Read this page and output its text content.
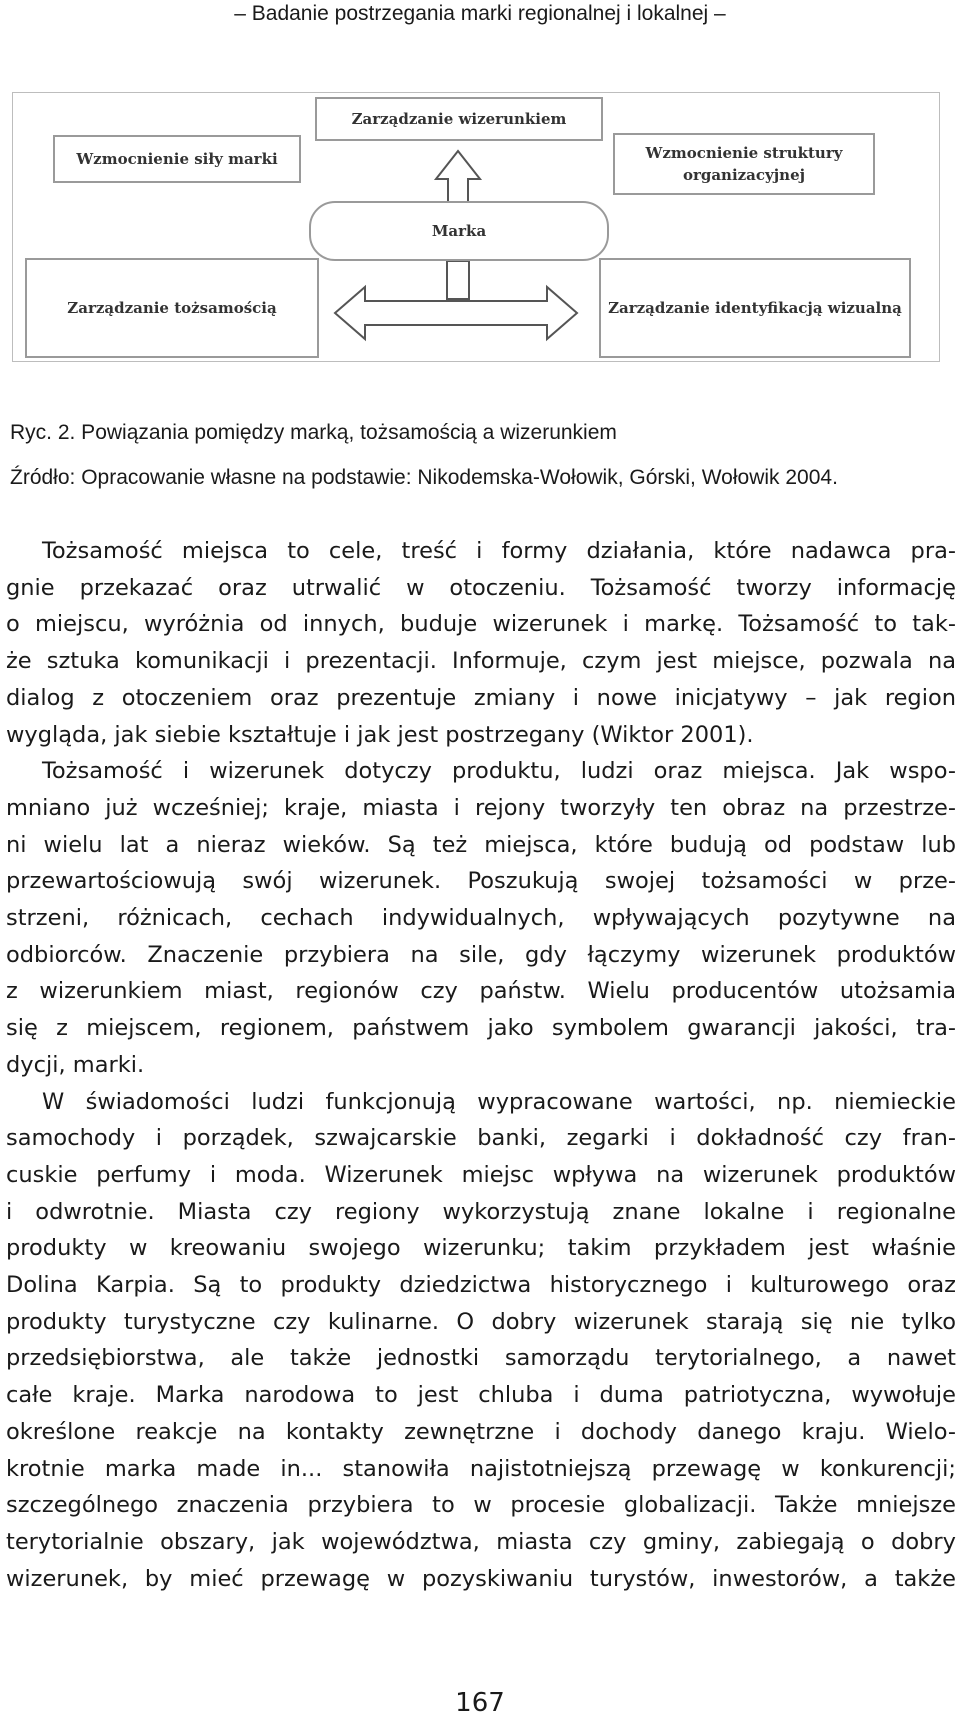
– Badanie postrzegania marki regionalnej i lokalnej –
Zarządzanie wizerunkiem
Wzmocnienie siły marki	Wzmocnienie struktury
organizacyjnej
Marka
Zarządzanie tożsamością	Zarządzanie identyfikacją wizualną
Ryc. 2. Powiązania pomiędzy marką, tożsamością a wizerunkiem
Źródło: Opracowanie własne na podstawie: Nikodemska-Wołowik, Górski, Wołowik 2004.

Tożsamość miejsca to cele, treść i formy działania, które nadawca pra-
gnie przekazać oraz utrwalić w otoczeniu. Tożsamość tworzy informację
o miejscu, wyróżnia od innych, buduje wizerunek i markę. Tożsamość to tak-
że sztuka komunikacji i prezentacji. Informuje, czym jest miejsce, pozwala na
dialog z otoczeniem oraz prezentuje zmiany i nowe inicjatywy – jak region
wygląda, jak siebie kształtuje i jak jest postrzegany (Wiktor 2001).

Tożsamość i wizerunek dotyczy produktu, ludzi oraz miejsca. Jak wspo-
mniano już wcześniej; kraje, miasta i rejony tworzyły ten obraz na przestrze-
ni wielu lat a nieraz wieków. Są też miejsca, które budują od podstaw lub
przewartościowują swój wizerunek. Poszukują swojej tożsamości w prze-
strzeni, różnicach, cechach indywidualnych, wpływających pozytywne na
odbiorców. Znaczenie przybiera na sile, gdy łączymy wizerunek produktów
z wizerunkiem miast, regionów czy państw. Wielu producentów utożsamia
się z miejscem, regionem, państwem jako symbolem gwarancji jakości, tra-
dycji, marki.

W świadomości ludzi funkcjonują wypracowane wartości, np. niemieckie
samochody i porządek, szwajcarskie banki, zegarki i dokładność czy fran-
cuskie perfumy i moda. Wizerunek miejsc wpływa na wizerunek produktów
i odwrotnie. Miasta czy regiony wykorzystują znane lokalne i regionalne
produkty w kreowaniu swojego wizerunku; takim przykładem jest właśnie
Dolina Karpia. Są to produkty dziedzictwa historycznego i kulturowego oraz
produkty turystyczne czy kulinarne. O dobry wizerunek starają się nie tylko
przedsiębiorstwa, ale także jednostki samorządu terytorialnego, a nawet
całe kraje. Marka narodowa to jest chluba i duma patriotyczna, wywołuje
określone reakcje na kontakty zewnętrzne i dochody danego kraju. Wielo-
krotnie marka made in... stanowiła najistotniejszą przewagę w konkurencji;
szczególnego znaczenia przybiera to w procesie globalizacji. Także mniejsze
terytorialnie obszary, jak województwa, miasta czy gminy, zabiegają o dobry
wizerunek, by mieć przewagę w pozyskiwaniu turystów, inwestorów, a także

167
